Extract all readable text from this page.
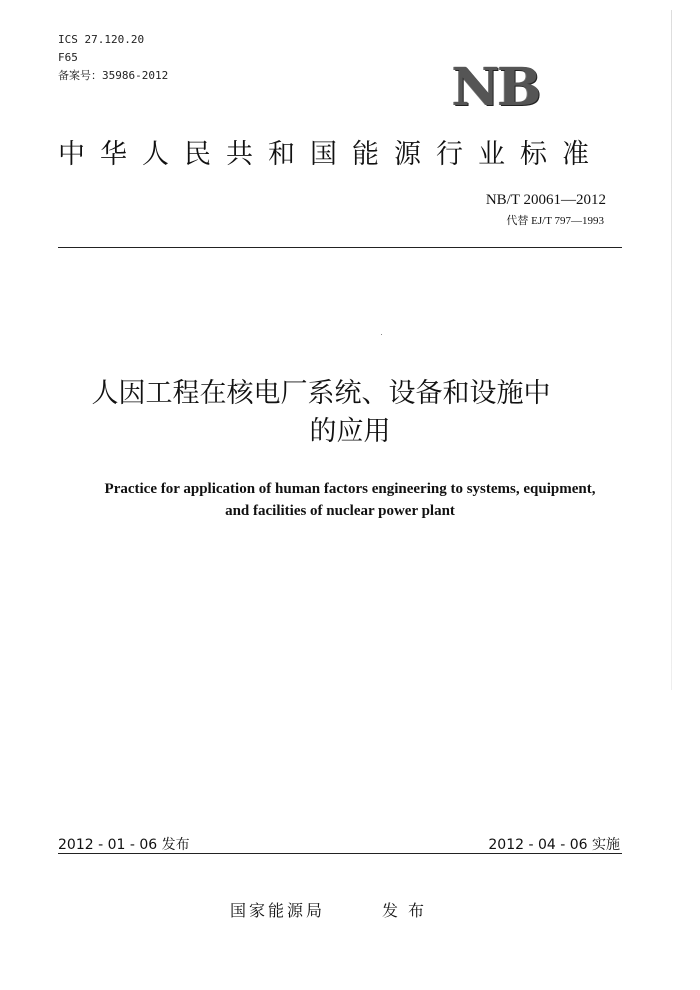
ICS 27.120.20
F65
备案号：35986-2012	NB
中华人民共和国能源行业标准
NB/T 20061—2012
代替 EJ/T 797—1993
人因工程在核电厂系统、设备和设施中
的应用
Practice for application of human factors engineering to systems, equipment,
and facilities of nuclear power plant
2012 - 01 - 06 发布	2012 - 04 - 06 实施
国家能源局	发布
